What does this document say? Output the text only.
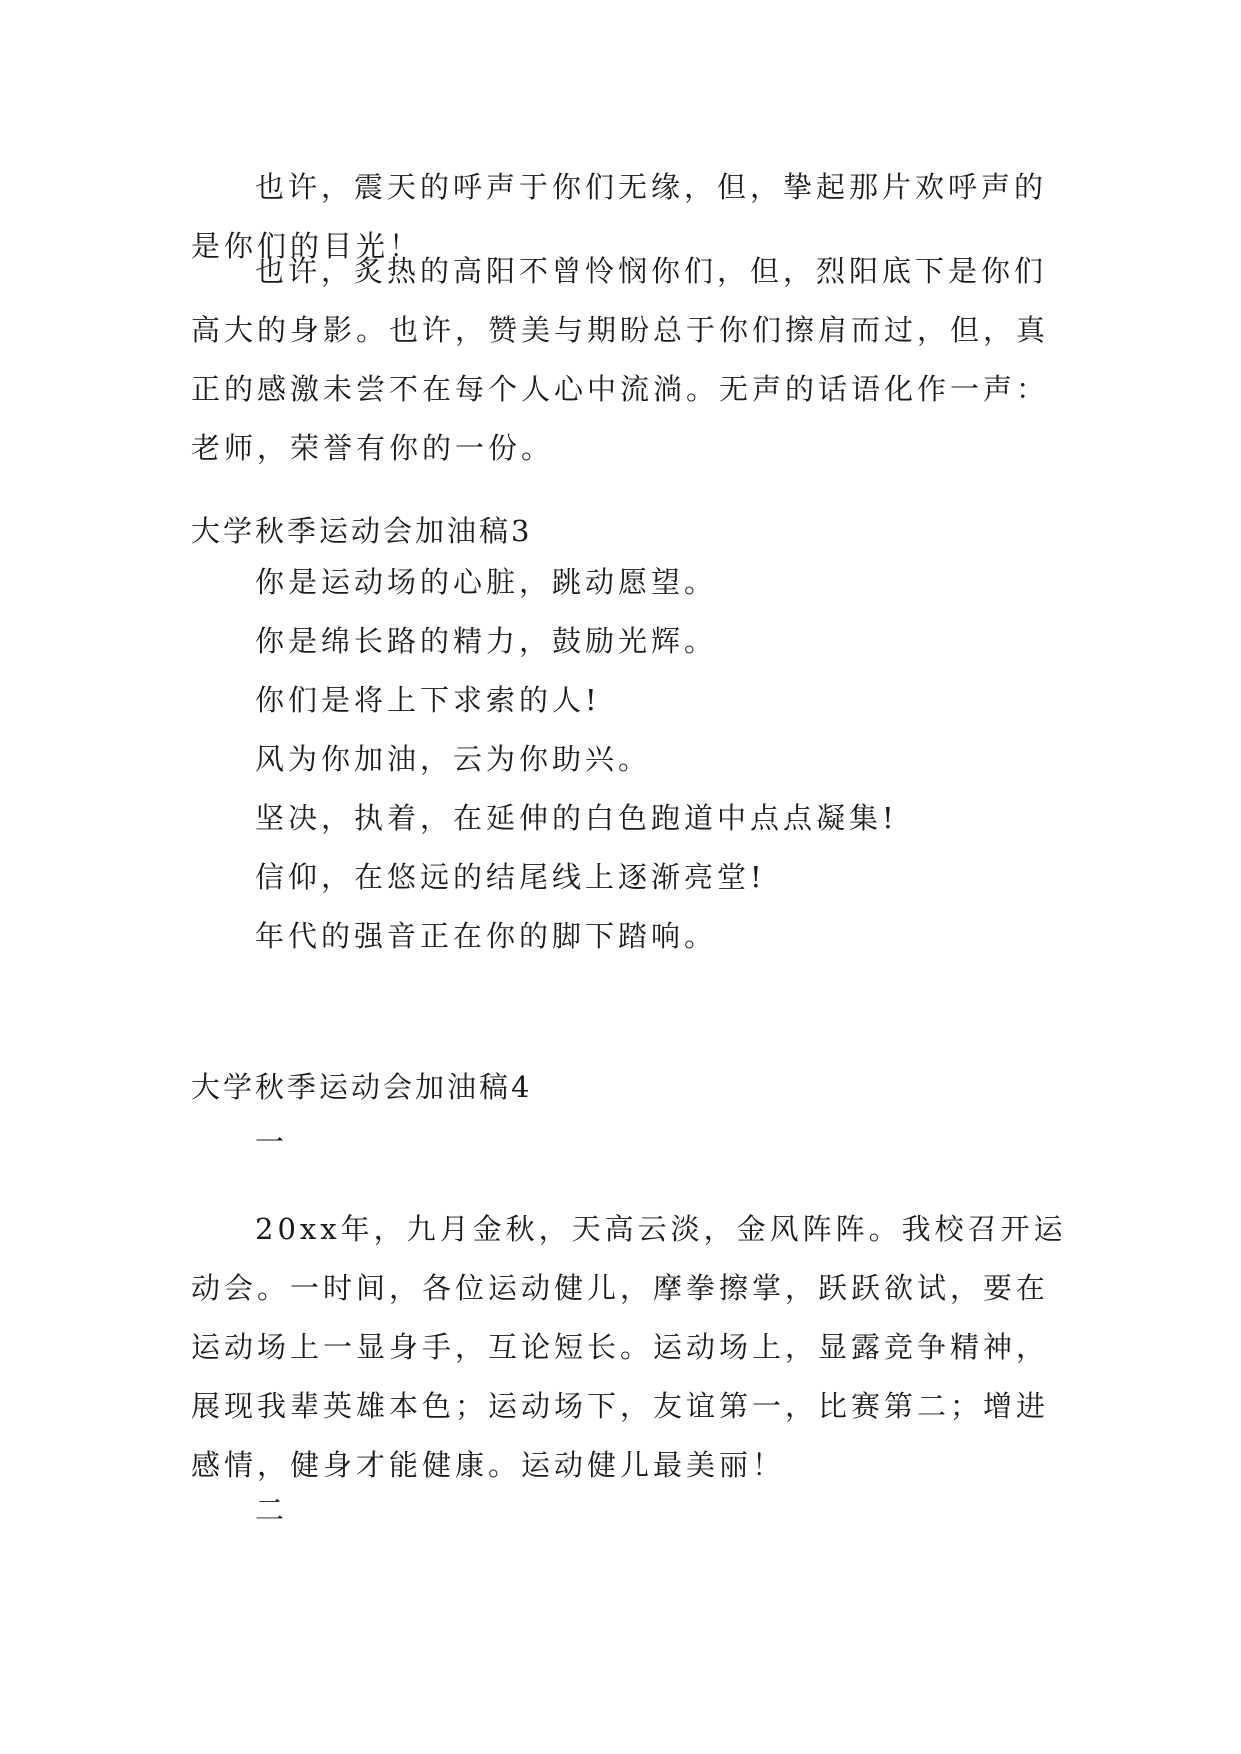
也许，震天的呼声于你们无缘，但，挚起那片欢呼声的
是你们的目光！
也许，炙热的高阳不曾怜悯你们，但，烈阳底下是你们
高大的身影。也许，赞美与期盼总于你们擦肩而过，但，真
正的感激未尝不在每个人心中流淌。无声的话语化作一声：
老师，荣誉有你的一份。
大学秋季运动会加油稿3
你是运动场的心脏，跳动愿望。
你是绵长路的精力，鼓励光辉。
你们是将上下求索的人!
风为你加油，云为你助兴。
坚决，执着，在延伸的白色跑道中点点凝集!
信仰，在悠远的结尾线上逐渐亮堂!
年代的强音正在你的脚下踏响。
大学秋季运动会加油稿4
一
20xx年，九月金秋，天高云淡，金风阵阵。我校召开运
动会。一时间，各位运动健儿，摩拳擦掌，跃跃欲试，要在
运动场上一显身手，互论短长。运动场上，显露竞争精神，
展现我辈英雄本色；运动场下，友谊第一，比赛第二；增进
感情，健身才能健康。运动健儿最美丽！
二
